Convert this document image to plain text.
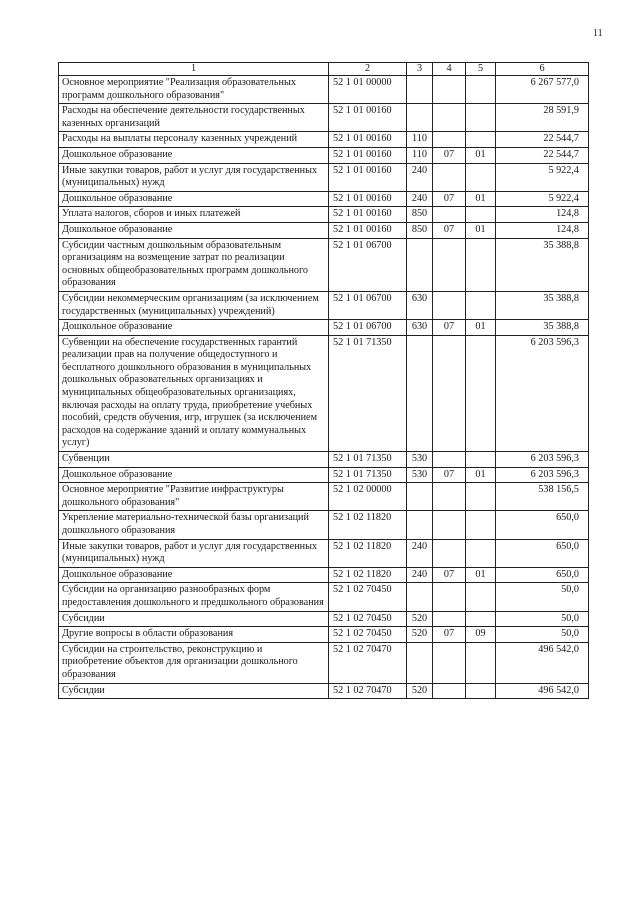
11
1	2	3	4	5	6
Основное мероприятие "Реализация образовательных программ дошкольного образования"	52 1 01 00000				6 267 577,0
Расходы на обеспечение деятельности государственных казенных организаций	52 1 01 00160				28 591,9
Расходы на выплаты персоналу казенных учреждений	52 1 01 00160	110			22 544,7
Дошкольное образование	52 1 01 00160	110	07	01	22 544,7
Иные закупки товаров, работ и услуг для государственных (муниципальных) нужд	52 1 01 00160	240			5 922,4
Дошкольное образование	52 1 01 00160	240	07	01	5 922,4
Уплата налогов, сборов и иных платежей	52 1 01 00160	850			124,8
Дошкольное образование	52 1 01 00160	850	07	01	124,8
Субсидии частным дошкольным образовательным организациям на возмещение затрат по реализации основных общеобразовательных программ дошкольного образования	52 1 01 06700				35 388,8
Субсидии некоммерческим организациям (за исключением государственных (муниципальных) учреждений)	52 1 01 06700	630			35 388,8
Дошкольное образование	52 1 01 06700	630	07	01	35 388,8
Субвенции на обеспечение государственных гарантий реализации прав на получение общедоступного и бесплатного дошкольного образования в муниципальных дошкольных образовательных организациях и муниципальных общеобразовательных организациях, включая расходы на оплату труда, приобретение учебных пособий, средств обучения, игр, игрушек (за исключением расходов на содержание зданий и оплату коммунальных услуг)	52 1 01 71350				6 203 596,3
Субвенции	52 1 01 71350	530			6 203 596,3
Дошкольное образование	52 1 01 71350	530	07	01	6 203 596,3
Основное мероприятие "Развитие инфраструктуры дошкольного образования"	52 1 02 00000				538 156,5
Укрепление материально-технической базы организаций дошкольного образования	52 1 02 11820				650,0
Иные закупки товаров, работ и услуг для государственных (муниципальных) нужд	52 1 02 11820	240			650,0
Дошкольное образование	52 1 02 11820	240	07	01	650,0
Субсидии на организацию разнообразных форм предоставления дошкольного и предшкольного образования	52 1 02 70450				50,0
Субсидии	52 1 02 70450	520			50,0
Другие вопросы в области образования	52 1 02 70450	520	07	09	50,0
Субсидии на строительство, реконструкцию и приобретение объектов для организации дошкольного образования	52 1 02 70470				496 542,0
Субсидии	52 1 02 70470	520			496 542,0
